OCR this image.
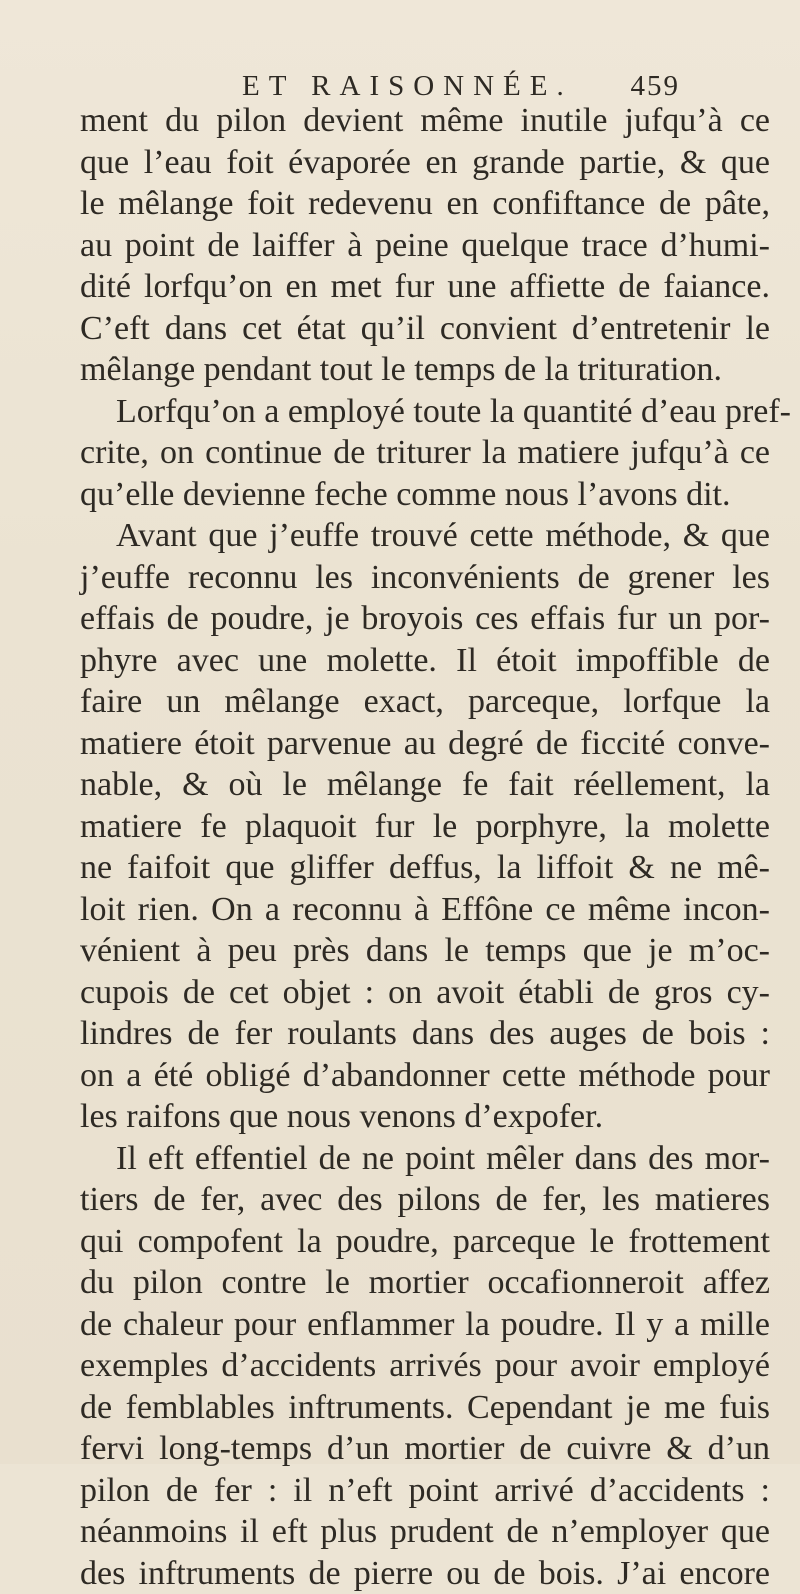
ET RAISONNÉE. 459
ment du pilon devient même inutile jufqu’à ce
que l’eau foit évaporée en grande partie, & que
le mêlange foit redevenu en confiftance de pâte,
au point de laiffer à peine quelque trace d’humi-
dité lorfqu’on en met fur une affiette de faiance.
C’eft dans cet état qu’il convient d’entretenir le
mêlange pendant tout le temps de la trituration.
Lorfqu’on a employé toute la quantité d’eau pref-
crite, on continue de triturer la matiere jufqu’à ce
qu’elle devienne feche comme nous l’avons dit.
Avant que j’euffe trouvé cette méthode, & que
j’euffe reconnu les inconvénients de grener les
effais de poudre, je broyois ces effais fur un por-
phyre avec une molette. Il étoit impoffible de
faire un mêlange exact, parceque, lorfque la
matiere étoit parvenue au degré de ficcité conve-
nable, & où le mêlange fe fait réellement, la
matiere fe plaquoit fur le porphyre, la molette
ne faifoit que gliffer deffus, la liffoit & ne mê-
loit rien. On a reconnu à Effône ce même incon-
vénient à peu près dans le temps que je m’oc-
cupois de cet objet : on avoit établi de gros cy-
lindres de fer roulants dans des auges de bois :
on a été obligé d’abandonner cette méthode pour
les raifons que nous venons d’expofer.
Il eft effentiel de ne point mêler dans des mor-
tiers de fer, avec des pilons de fer, les matieres
qui compofent la poudre, parceque le frottement
du pilon contre le mortier occafionneroit affez
de chaleur pour enflammer la poudre. Il y a mille
exemples d’accidents arrivés pour avoir employé
de femblables inftruments. Cependant je me fuis
fervi long-temps d’un mortier de cuivre & d’un
pilon de fer : il n’eft point arrivé d’accidents :
néanmoins il eft plus prudent de n’employer que
des inftruments de pierre ou de bois. J’ai encore
